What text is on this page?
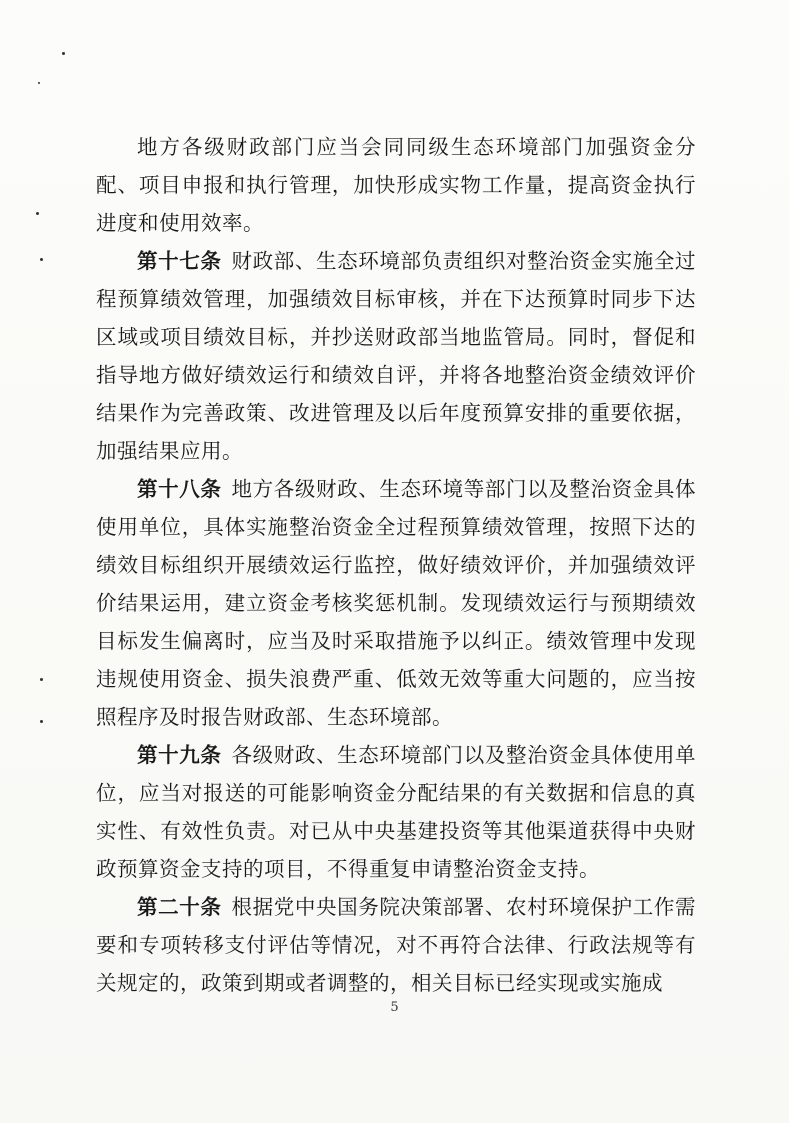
地方各级财政部门应当会同同级生态环境部门加强资金分配、项目申报和执行管理，加快形成实物工作量，提高资金执行进度和使用效率。

第十七条 财政部、生态环境部负责组织对整治资金实施全过程预算绩效管理，加强绩效目标审核，并在下达预算时同步下达区域或项目绩效目标，并抄送财政部当地监管局。同时，督促和指导地方做好绩效运行和绩效自评，并将各地整治资金绩效评价结果作为完善政策、改进管理及以后年度预算安排的重要依据，加强结果应用。

第十八条 地方各级财政、生态环境等部门以及整治资金具体使用单位，具体实施整治资金全过程预算绩效管理，按照下达的绩效目标组织开展绩效运行监控，做好绩效评价，并加强绩效评价结果运用，建立资金考核奖惩机制。发现绩效运行与预期绩效目标发生偏离时，应当及时采取措施予以纠正。绩效管理中发现违规使用资金、损失浪费严重、低效无效等重大问题的，应当按照程序及时报告财政部、生态环境部。

第十九条 各级财政、生态环境部门以及整治资金具体使用单位，应当对报送的可能影响资金分配结果的有关数据和信息的真实性、有效性负责。对已从中央基建投资等其他渠道获得中央财政预算资金支持的项目，不得重复申请整治资金支持。

第二十条 根据党中央国务院决策部署、农村环境保护工作需要和专项转移支付评估等情况，对不再符合法律、行政法规等有关规定的，政策到期或者调整的，相关目标已经实现或实施成

5
